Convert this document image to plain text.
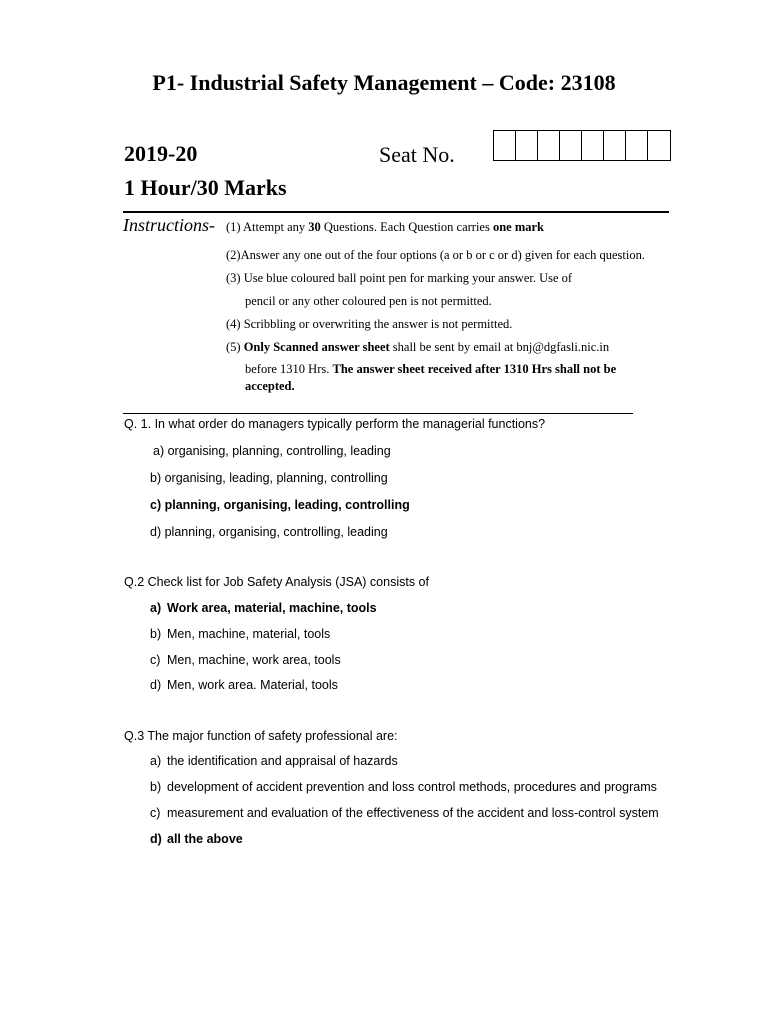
P1- Industrial Safety Management – Code: 23108
2019-20
1 Hour/30 Marks
Seat No.
Instructions- (1) Attempt any 30 Questions. Each Question carries one mark
(2)Answer any one out of the four options (a or b or c or d) given for each question.
(3) Use blue coloured ball point pen for marking your answer. Use of
pencil or any other coloured pen is not permitted.
(4) Scribbling or overwriting the answer is not permitted.
(5) Only Scanned answer sheet shall be sent by email at bnj@dgfasli.nic.in
before 1310 Hrs. The answer sheet received after 1310 Hrs shall not be
accepted.
Q. 1. In what order do managers typically perform the managerial functions?
a) organising, planning, controlling, leading
b) organising, leading, planning, controlling
c) planning, organising, leading, controlling
d) planning, organising, controlling, leading
Q.2 Check list for Job Safety Analysis (JSA) consists of
a) Work area, material, machine, tools
b) Men, machine, material, tools
c) Men, machine, work area, tools
d) Men, work area. Material, tools
Q.3 The major function of safety professional are:
a) the identification and appraisal of hazards
b) development of accident prevention and loss control methods, procedures and programs
c) measurement and evaluation of the effectiveness of the accident and loss-control system
d) all the above
